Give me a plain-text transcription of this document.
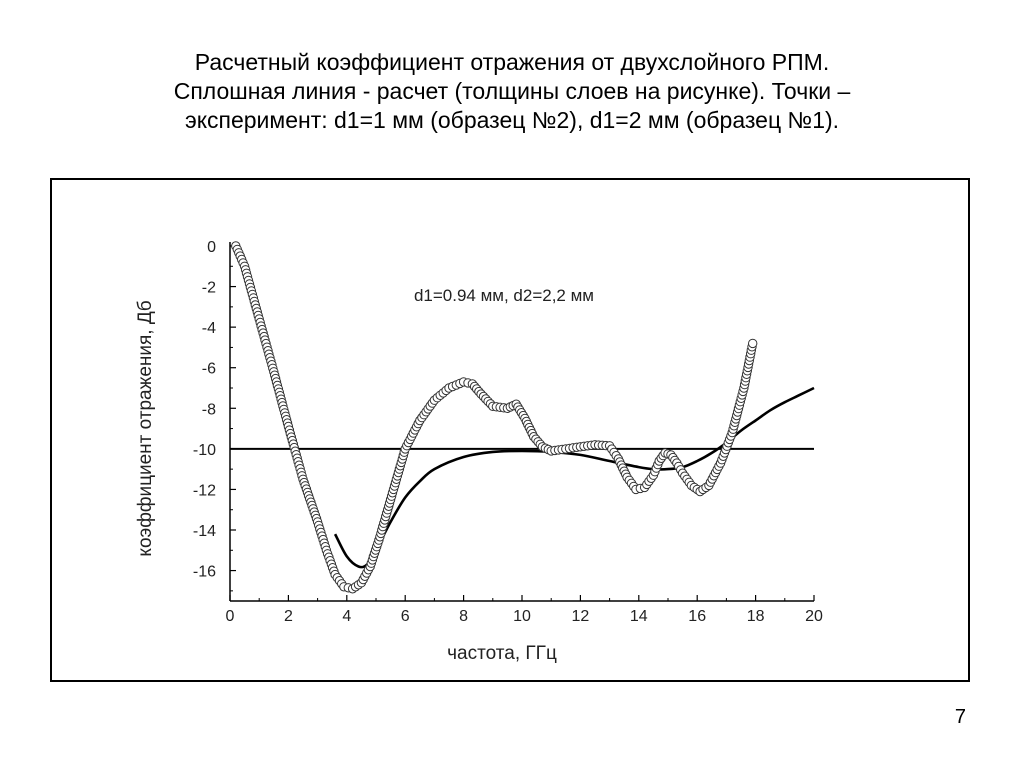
Расчетный коэффициент отражения от двухслойного РПМ.
Сплошная линия - расчет (толщины слоев на рисунке). Точки –
эксперимент: d1=1 мм (образец №2), d1=2 мм (образец №1).
0	2	4	6	8	10	12	14	16	18	20
0
-2
-4
-6
-8
-10
-12
-14
-16
частота, ГГц
коэффициент отражения, Дб
d1=0.94 мм, d2=2,2 мм
7
